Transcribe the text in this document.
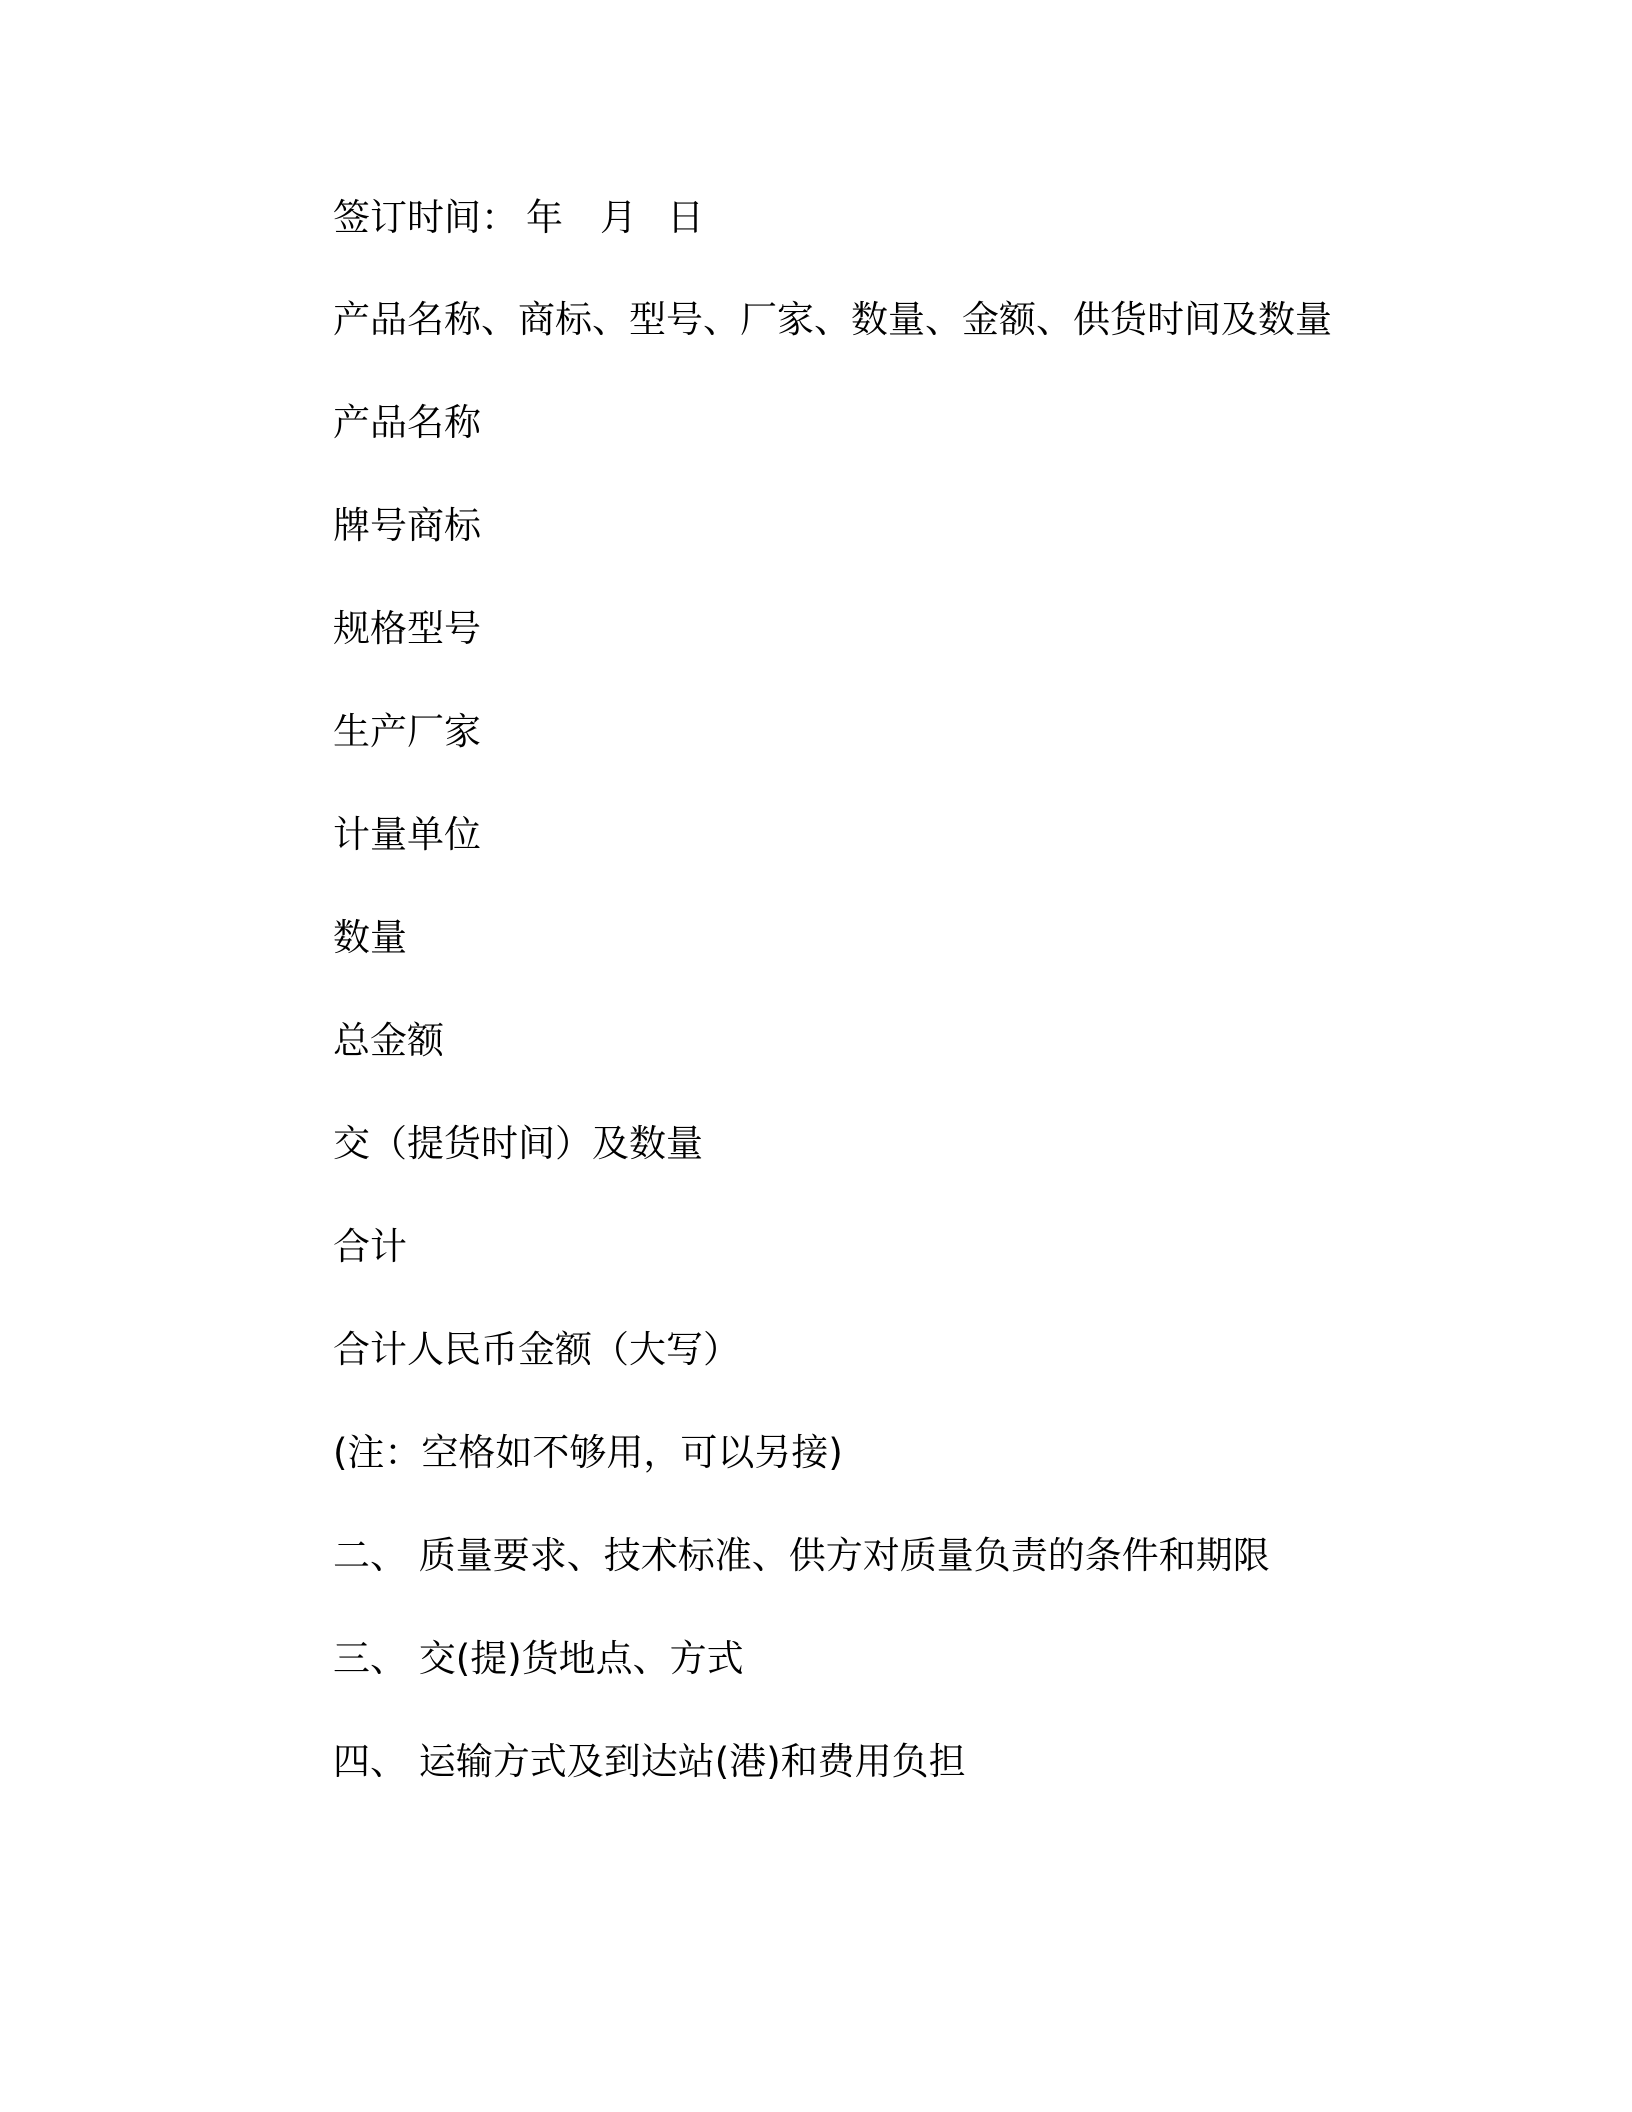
签订时间： 年 月 日
产品名称、商标、型号、厂家、数量、金额、供货时间及数量
产品名称
牌号商标
规格型号
生产厂家
计量单位
数量
总金额
交（提货时间）及数量
合计
合计人民币金额（大写）
(注：空格如不够用，可以另接)
二、 质量要求、技术标准、供方对质量负责的条件和期限
三、 交(提)货地点、方式
四、 运输方式及到达站(港)和费用负担
